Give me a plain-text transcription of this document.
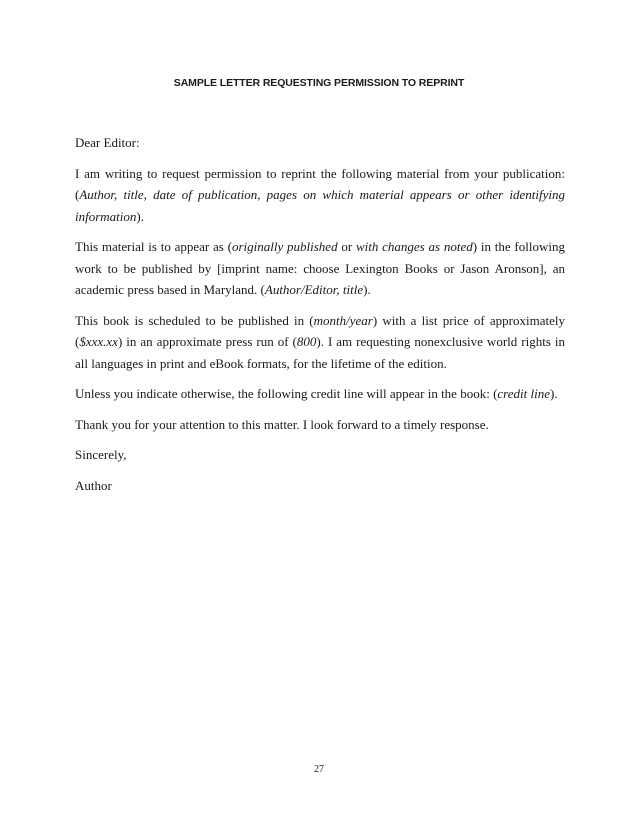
SAMPLE LETTER REQUESTING PERMISSION TO REPRINT

Dear Editor:

I am writing to request permission to reprint the following material from your publication: (Author, title, date of publication, pages on which material appears or other identifying information).

This material is to appear as (originally published or with changes as noted) in the following work to be published by [imprint name: choose Lexington Books or Jason Aronson], an academic press based in Maryland. (Author/Editor, title).

This book is scheduled to be published in (month/year) with a list price of approximately ($xxx.xx) in an approximate press run of (800). I am requesting nonexclusive world rights in all languages in print and eBook formats, for the lifetime of the edition.

Unless you indicate otherwise, the following credit line will appear in the book: (credit line).

Thank you for your attention to this matter. I look forward to a timely response.

Sincerely,

Author

27
